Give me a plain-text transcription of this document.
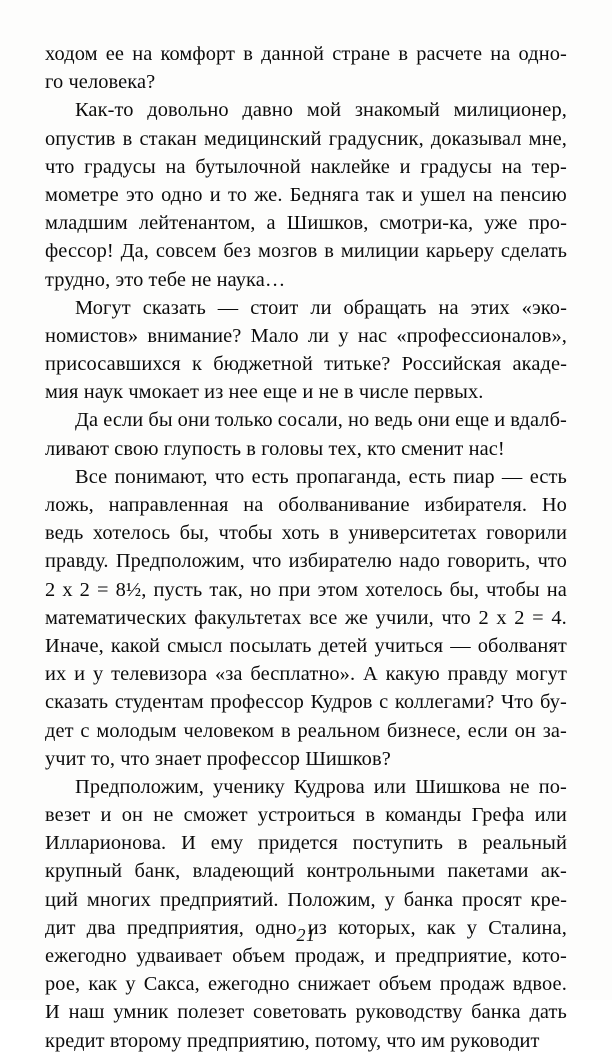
ходом ее на комфорт в данной стране в расчете на одно-
го человека?
Как-то довольно давно мой знакомый милиционер,
опустив в стакан медицинский градусник, доказывал мне,
что градусы на бутылочной наклейке и градусы на тер-
мометре это одно и то же. Бедняга так и ушел на пенсию
младшим лейтенантом, а Шишков, смотри-ка, уже про-
фессор! Да, совсем без мозгов в милиции карьеру сделать
трудно, это тебе не наука…
Могут сказать — стоит ли обращать на этих «эко-
номистов» внимание? Мало ли у нас «профессионалов»,
присосавшихся к бюджетной титьке? Российская акаде-
мия наук чмокает из нее еще и не в числе первых.
Да если бы они только сосали, но ведь они еще и вдалб-
ливают свою глупость в головы тех, кто сменит нас!
Все понимают, что есть пропаганда, есть пиар — есть
ложь, направленная на оболванивание избирателя. Но
ведь хотелось бы, чтобы хоть в университетах говорили
правду. Предположим, что избирателю надо говорить, что
2 x 2 = 8½, пусть так, но при этом хотелось бы, чтобы на
математических факультетах все же учили, что 2 x 2 = 4.
Иначе, какой смысл посылать детей учиться — оболванят
их и у телевизора «за бесплатно». А какую правду могут
сказать студентам профессор Кудров с коллегами? Что бу-
дет с молодым человеком в реальном бизнесе, если он за-
учит то, что знает профессор Шишков?
Предположим, ученику Кудрова или Шишкова не по-
везет и он не сможет устроиться в команды Грефа или
Илларионова. И ему придется поступить в реальный
крупный банк, владеющий контрольными пакетами ак-
ций многих предприятий. Положим, у банка просят кре-
дит два предприятия, одно из которых, как у Сталина,
ежегодно удваивает объем продаж, и предприятие, кото-
рое, как у Сакса, ежегодно снижает объем продаж вдвое.
И наш умник полезет советовать руководству банка дать
кредит второму предприятию, потому, что им руководит
21
